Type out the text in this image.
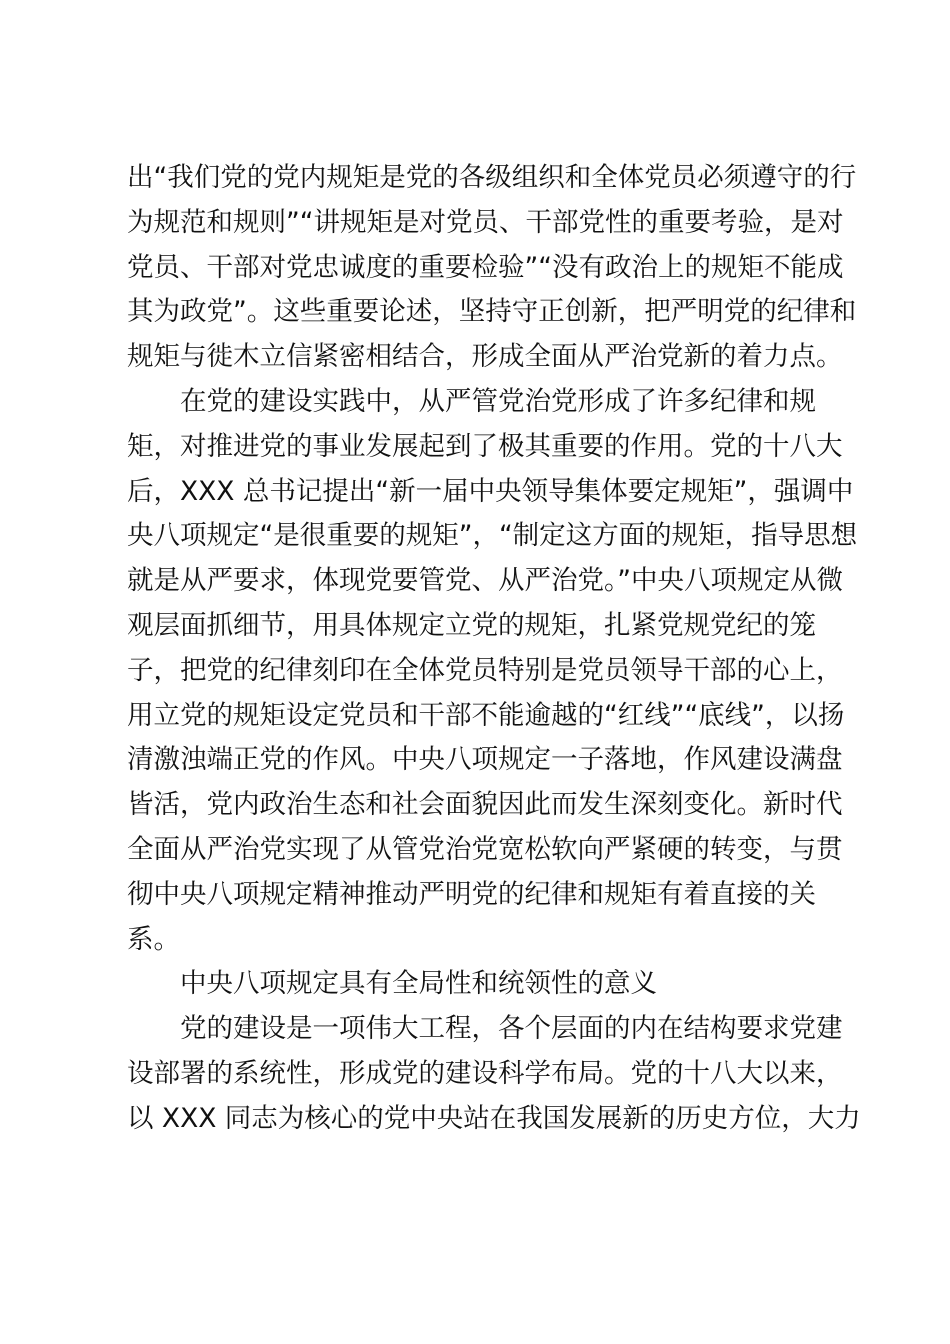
出“我们党的党内规矩是党的各级组织和全体党员必须遵守的行
为规范和规则”“讲规矩是对党员、干部党性的重要考验，是对
党员、干部对党忠诚度的重要检验”“没有政治上的规矩不能成
其为政党”。这些重要论述，坚持守正创新，把严明党的纪律和
规矩与徙木立信紧密相结合，形成全面从严治党新的着力点。
在党的建设实践中，从严管党治党形成了许多纪律和规
矩，对推进党的事业发展起到了极其重要的作用。党的十八大
后，XXX 总书记提出“新一届中央领导集体要定规矩”，强调中
央八项规定“是很重要的规矩”，“制定这方面的规矩，指导思想
就是从严要求，体现党要管党、从严治党。”中央八项规定从微
观层面抓细节，用具体规定立党的规矩，扎紧党规党纪的笼
子，把党的纪律刻印在全体党员特别是党员领导干部的心上，
用立党的规矩设定党员和干部不能逾越的“红线”“底线”，以扬
清激浊端正党的作风。中央八项规定一子落地，作风建设满盘
皆活，党内政治生态和社会面貌因此而发生深刻变化。新时代
全面从严治党实现了从管党治党宽松软向严紧硬的转变，与贯
彻中央八项规定精神推动严明党的纪律和规矩有着直接的关
系。
中央八项规定具有全局性和统领性的意义
党的建设是一项伟大工程，各个层面的内在结构要求党建
设部署的系统性，形成党的建设科学布局。党的十八大以来，
以 XXX 同志为核心的党中央站在我国发展新的历史方位，大力
